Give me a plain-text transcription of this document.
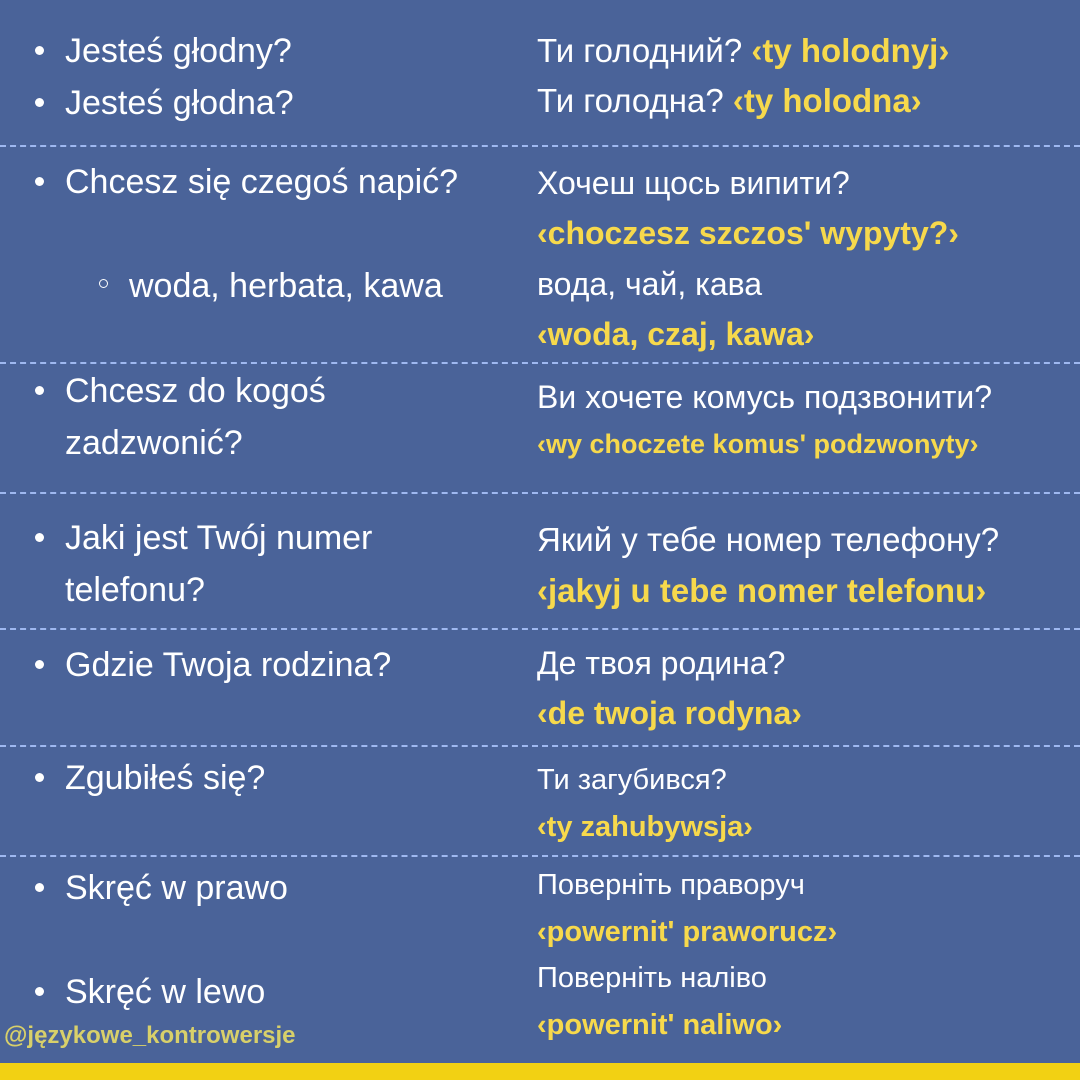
Jesteś głodny?
Jesteś głodna?
Ти голодний? ‹ty holodnyj›
Ти голодна? ‹ty holodna›
Chcesz się czegoś napić?
woda, herbata, kawa
Хочеш щось випити?
‹choczesz szczos' wypyty?›
вода, чай, кава
‹woda, czaj, kawa›
Chcesz do kogoś
zadzwonić?
Ви хочете комусь подзвонити?
‹wy choczete komus' podzwonyty›
Jaki jest Twój numer
telefonu?
Який у тебе номер телефону?
‹jakyj u tebe nomer telefonu›
Gdzie Twoja rodzina?	Де твоя родина?
‹de twoja rodyna›
Zgubiłeś się?	Ти загубився?
‹ty zahubywsja›
Skręć w prawo
Skręć w lewo
Поверніть праворуч
‹powernit' praworucz›
Поверніть наліво
‹powernit' naliwo›
@językowe_kontrowersje
